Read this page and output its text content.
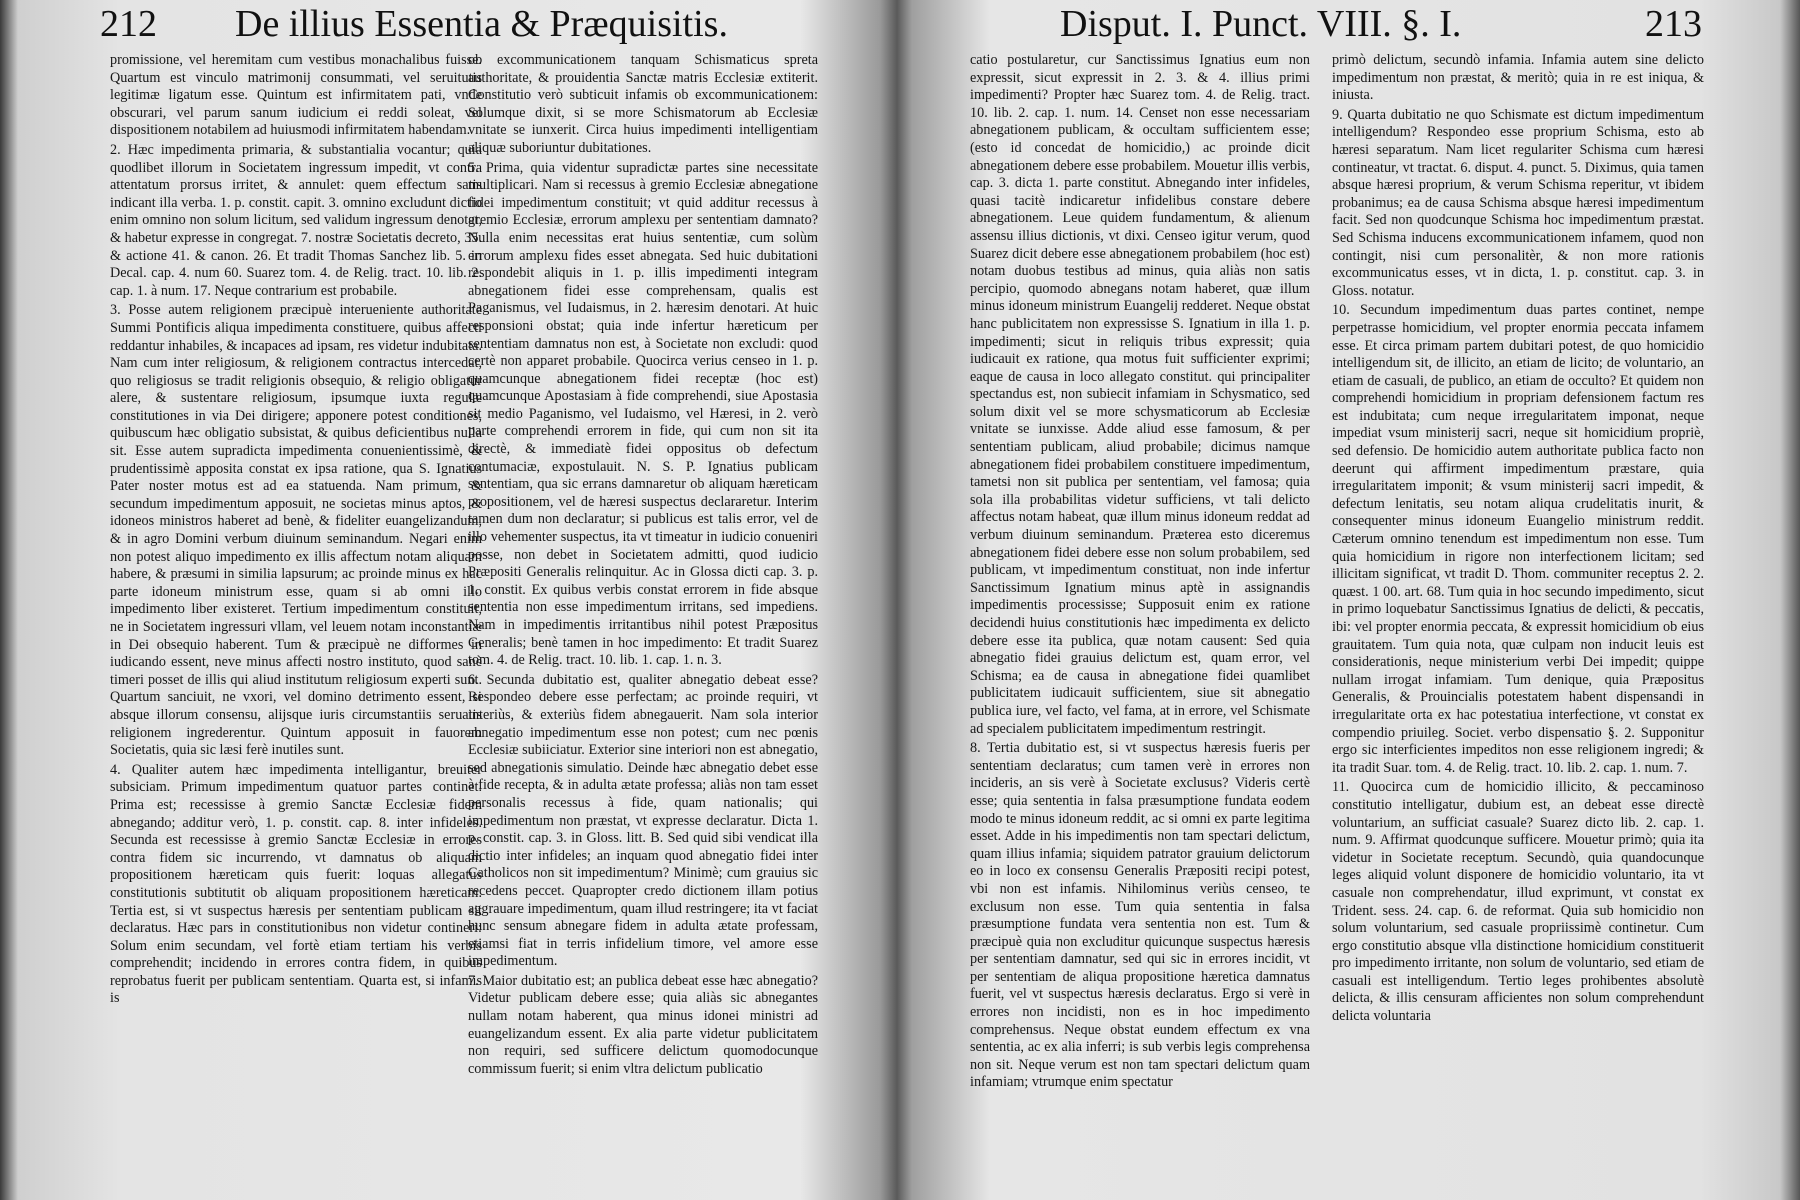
212 De illius Essentia & Præquisitis.

promissione, vel heremitam cum vestibus monachalibus fuisse. Quartum est vinculo matrimonij consummati, vel seruitutis legitimæ ligatum esse. Quintum est infirmitatem pati, vnde obscurari, vel parum sanum iudicium ei reddi soleat, vel dispositionem notabilem ad huiusmodi infirmitatem habendam.

2. Hæc impedimenta primaria, & substantialia vocantur; quia quodlibet illorum in Societatem ingressum impedit, vt contra attentatum prorsus irritet, & annulet: quem effectum satis indicant illa verba. 1. p. constit. capit. 3. omnino excludunt dictio enim omnino non solum licitum, sed validum ingressum denotat, & habetur expresse in congregat. 7. nostræ Societatis decreto, 35. & actione 41. & canon. 26. Et tradit Thomas Sanchez lib. 5. in Decal. cap. 4. num 60. Suarez tom. 4. de Relig. tract. 10. lib. 2. cap. 1. à num. 17. Neque contrarium est probabile.

3. Posse autem religionem præcipuè interueniente authoritate Summi Pontificis aliqua impedimenta constituere, quibus affecti reddantur inhabiles, & incapaces ad ipsam, res videtur indubitata. Nam cum inter religiosum, & religionem contractus intercedat, quo religiosus se tradit religionis obsequio, & religio obligatur alere, & sustentare religiosum, ipsumque iuxta regulæ constitutiones in via Dei dirigere; apponere potest conditiones, quibuscum hæc obligatio subsistat, & quibus deficientibus nulla sit. Esse autem supradicta impedimenta conuenientissimè, & prudentissimè apposita constat ex ipsa ratione, qua S. Ignatius Pater noster motus est ad ea statuenda. Nam primum, & secundum impedimentum apposuit, ne societas minus aptos, & idoneos ministros haberet ad benè, & fideliter euangelizandum, & in agro Domini verbum diuinum seminandum. Negari enim non potest aliquo impedimento ex illis affectum notam aliquam habere, & præsumi in similia lapsurum; ac proinde minus ex hac parte idoneum ministrum esse, quam si ab omni illo impedimento liber existeret. Tertium impedimentum constituit, ne in Societatem ingressuri vllam, vel leuem notam inconstantiæ in Dei obsequio haberent. Tum & præcipuè ne difformes in iudicando essent, neve minus affecti nostro instituto, quod sanè timeri posset de illis qui aliud institutum religiosum experti sunt. Quartum sanciuit, ne vxori, vel domino detrimento essent, si absque illorum consensu, alijsque iuris circumstantiis seruatis religionem ingrederentur. Quintum apposuit in fauorem Societatis, quia sic læsi ferè inutiles sunt.

4. Qualiter autem hæc impedimenta intelligantur, breuiter subsiciam. Primum impedimentum quatuor partes continet. Prima est; recessisse à gremio Sanctæ Ecclesiæ fidem abnegando; additur verò, 1. p. constit. cap. 8. inter infideles. Secunda est recessisse à gremio Sanctæ Ecclesiæ in errores contra fidem sic incurrendo, vt damnatus ob aliquam propositionem hæreticam quis fuerit: loquas allegatus constitutionis subtitutit ob aliquam propositionem hæreticam. Tertia est, si vt suspectus hæresis per sententiam publicam sit declaratus. Hæc pars in constitutionibus non videtur contineri: Solum enim secundam, vel fortè etiam tertiam his verbis comprehendit; incidendo in errores contra fidem, in quibus reprobatus fuerit per publicam sententiam. Quarta est, si infamis is

ob excommunicationem tanquam Schismaticus spreta authoritate, & prouidentia Sanctæ matris Ecclesiæ extiterit. Constitutio verò subticuit infamis ob excommunicationem: Solumque dixit, si se more Schismatorum ab Ecclesiæ vnitate se iunxerit. Circa huius impedimenti intelligentiam aliquæ suboriuntur dubitationes.

5. Prima, quia videntur supradictæ partes sine necessitate multiplicari. Nam si recessus à gremio Ecclesiæ abnegatione fidei impedimentum constituit; vt quid additur recessus à gremio Ecclesiæ, errorum amplexu per sententiam damnato? Nulla enim necessitas erat huius sententiæ, cum solùm errorum amplexu fides esset abnegata. Sed huic dubitationi respondebit aliquis in 1. p. illis impedimenti integram abnegationem fidei esse comprehensam, qualis est Paganismus, vel Iudaismus, in 2. hæresim denotari. At huic responsioni obstat; quia inde infertur hæreticum per sententiam damnatus non est, à Societate non excludi: quod certè non apparet probabile. Quocirca verius censeo in 1. p. quamcunque abnegationem fidei receptæ (hoc est) quamcunque Apostasiam à fide comprehendi, siue Apostasia sit medio Paganismo, vel Iudaismo, vel Hæresi, in 2. verò parte comprehendi errorem in fide, qui cum non sit ita directè, & immediatè fidei oppositus ob defectum contumaciæ, expostulauit. N. S. P. Ignatius publicam sententiam, qua sic errans damnaretur ob aliquam hæreticam propositionem, vel de hæresi suspectus declararetur. Interim tamen dum non declaratur; si publicus est talis error, vel de illo vehementer suspectus, ita vt timeatur in iudicio conueniri posse, non debet in Societatem admitti, quod iudicio Præpositi Generalis relinquitur. Ac in Glossa dicti cap. 3. p. 1. constit. Ex quibus verbis constat errorem in fide absque sententia non esse impedimentum irritans, sed impediens. Nam in impedimentis irritantibus nihil potest Præpositus Generalis; benè tamen in hoc impedimento: Et tradit Suarez tom. 4. de Relig. tract. 10. lib. 1. cap. 1. n. 3.

6. Secunda dubitatio est, qualiter abnegatio debeat esse? Respondeo debere esse perfectam; ac proinde requiri, vt interiùs, & exteriùs fidem abnegauerit. Nam sola interior abnegatio impedimentum esse non potest; cum nec pœnis Ecclesiæ subiiciatur. Exterior sine interiori non est abnegatio, sed abnegationis simulatio. Deinde hæc abnegatio debet esse à fide recepta, & in adulta ætate professa; aliàs non tam esset personalis recessus à fide, quam nationalis; qui impedimentum non præstat, vt expresse declaratur. Dicta 1. p. constit. cap. 3. in Gloss. litt. B. Sed quid sibi vendicat illa dictio inter infideles; an inquam quod abnegatio fidei inter Catholicos non sit impedimentum? Minimè; cum grauius sic recedens peccet. Quapropter credo dictionem illam potius aggrauare impedimentum, quam illud restringere; ita vt faciat hunc sensum abnegare fidem in adulta ætate professam, etiamsi fiat in terris infidelium timore, vel amore esse impedimentum.

7. Maior dubitatio est; an publica debeat esse hæc abnegatio? Videtur publicam debere esse; quia aliàs sic abnegantes nullam notam haberent, qua minus idonei ministri ad euangelizandum essent. Ex alia parte videtur publicitatem non requiri, sed sufficere delictum quomodocunque commissum fuerit; si enim vltra delictum publicatio

Disput. I. Punct. VIII. §. I.	213

catio postularetur, cur Sanctissimus Ignatius eum non expressit, sicut expressit in 2. 3. & 4. illius primi impedimenti? Propter hæc Suarez tom. 4. de Relig. tract. 10. lib. 2. cap. 1. num. 14. Censet non esse necessariam abnegationem publicam, & occultam sufficientem esse; (esto id concedat de homicidio,) ac proinde dicit abnegationem debere esse probabilem. Mouetur illis verbis, cap. 3. dicta 1. parte constitut. Abnegando inter infideles, quasi tacitè indicaretur infidelibus constare debere abnegationem. Leue quidem fundamentum, & alienum assensu illius dictionis, vt dixi. Censeo igitur verum, quod Suarez dicit debere esse abnegationem probabilem (hoc est) notam duobus testibus ad minus, quia aliàs non satis percipio, quomodo abnegans notam haberet, quæ illum minus idoneum ministrum Euangelij redderet. Neque obstat hanc publicitatem non expressisse S. Ignatium in illa 1. p. impedimenti; sicut in reliquis tribus expressit; quia iudicauit ex ratione, qua motus fuit sufficienter exprimi; eaque de causa in loco allegato constitut. qui principaliter spectandus est, non subiecit infamiam in Schysmatico, sed solum dixit vel se more schysmaticorum ab Ecclesiæ vnitate se iunxisse. Adde aliud esse famosum, & per sententiam publicam, aliud probabile; dicimus namque abnegationem fidei probabilem constituere impedimentum, tametsi non sit publica per sententiam, vel famosa; quia sola illa probabilitas videtur sufficiens, vt tali delicto affectus notam habeat, quæ illum minus idoneum reddat ad verbum diuinum seminandum. Præterea esto diceremus abnegationem fidei debere esse non solum probabilem, sed publicam, vt impedimentum constituat, non inde infertur Sanctissimum Ignatium minus aptè in assignandis impedimentis processisse; Supposuit enim ex ratione decidendi huius constitutionis hæc impedimenta ex delicto debere esse ita publica, quæ notam causent: Sed quia abnegatio fidei grauius delictum est, quam error, vel Schisma; ea de causa in abnegatione fidei quamlibet publicitatem iudicauit sufficientem, siue sit abnegatio publica iure, vel facto, vel fama, at in errore, vel Schismate ad specialem publicitatem impedimentum restringit.

8. Tertia dubitatio est, si vt suspectus hæresis fueris per sententiam declaratus; cum tamen verè in errores non incideris, an sis verè à Societate exclusus? Videris certè esse; quia sententia in falsa præsumptione fundata eodem modo te minus idoneum reddit, ac si omni ex parte legitima esset. Adde in his impedimentis non tam spectari delictum, quam illius infamia; siquidem patrator grauium delictorum eo in loco ex consensu Generalis Præpositi recipi potest, vbi non est infamis. Nihilominus veriùs censeo, te exclusum non esse. Tum quia sententia in falsa præsumptione fundata vera sententia non est. Tum & præcipuè quia non excluditur quicunque suspectus hæresis per sententiam damnatur, sed qui sic in errores incidit, vt per sententiam de aliqua propositione hæretica damnatus fuerit, vel vt suspectus hæresis declaratus. Ergo si verè in errores non incidisti, non es in hoc impedimento comprehensus. Neque obstat eundem effectum ex vna sententia, ac ex alia inferri; is sub verbis legis comprehensa non sit. Neque verum est non tam spectari delictum quam infamiam; vtrumque enim spectatur

primò delictum, secundò infamia. Infamia autem sine delicto impedimentum non præstat, & meritò; quia in re est iniqua, & iniusta.

9. Quarta dubitatio ne quo Schismate est dictum impedimentum intelligendum? Respondeo esse proprium Schisma, esto ab hæresi separatum. Nam licet regulariter Schisma cum hæresi contineatur, vt tractat. 6. disput. 4. punct. 5. Diximus, quia tamen absque hæresi proprium, & verum Schisma reperitur, vt ibidem probanimus; ea de causa Schisma absque hæresi impedimentum facit. Sed non quodcunque Schisma hoc impedimentum præstat. Sed Schisma inducens excommunicationem infamem, quod non contingit, nisi cum personalitèr, & non more rationis excommunicatus esses, vt in dicta, 1. p. constitut. cap. 3. in Gloss. notatur.

10. Secundum impedimentum duas partes continet, nempe perpetrasse homicidium, vel propter enormia peccata infamem esse. Et circa primam partem dubitari potest, de quo homicidio intelligendum sit, de illicito, an etiam de licito; de voluntario, an etiam de casuali, de publico, an etiam de occulto? Et quidem non comprehendi homicidium in propriam defensionem factum res est indubitata; cum neque irregularitatem imponat, neque impediat vsum ministerij sacri, neque sit homicidium propriè, sed defensio. De homicidio autem authoritate publica facto non deerunt qui affirment impedimentum præstare, quia irregularitatem imponit; & vsum ministerij sacri impedit, & defectum lenitatis, seu notam aliqua crudelitatis inurit, & consequenter minus idoneum Euangelio ministrum reddit. Cæterum omnino tenendum est impedimentum non esse. Tum quia homicidium in rigore non interfectionem licitam; sed illicitam significat, vt tradit D. Thom. communiter receptus 2. 2. quæst. 1 00. art. 68. Tum quia in hoc secundo impedimento, sicut in primo loquebatur Sanctissimus Ignatius de delicti, & peccatis, ibi: vel propter enormia peccata, & expressit homicidium ob eius grauitatem. Tum quia nota, quæ culpam non inducit leuis est considerationis, neque ministerium verbi Dei impedit; quippe nullam irrogat infamiam. Tum denique, quia Præpositus Generalis, & Prouincialis potestatem habent dispensandi in irregularitate orta ex hac potestatiua interfectione, vt constat ex compendio priuileg. Societ. verbo dispensatio §. 2. Supponitur ergo sic interficientes impeditos non esse religionem ingredi; & ita tradit Suar. tom. 4. de Relig. tract. 10. lib. 2. cap. 1. num. 7.

11. Quocirca cum de homicidio illicito, & peccaminoso constitutio intelligatur, dubium est, an debeat esse directè voluntarium, an sufficiat casuale? Suarez dicto lib. 2. cap. 1. num. 9. Affirmat quodcunque sufficere. Mouetur primò; quia ita videtur in Societate receptum. Secundò, quia quandocunque leges aliquid volunt disponere de homicidio voluntario, ita vt casuale non comprehendatur, illud exprimunt, vt constat ex Trident. sess. 24. cap. 6. de reformat. Quia sub homicidio non solum voluntarium, sed casuale propriissimè continetur. Cum ergo constitutio absque vlla distinctione homicidium constituerit pro impedimento irritante, non solum de voluntario, sed etiam de casuali est intelligendum. Tertio leges prohibentes absolutè delicta, & illis censuram afficientes non solum comprehendunt delicta voluntaria
